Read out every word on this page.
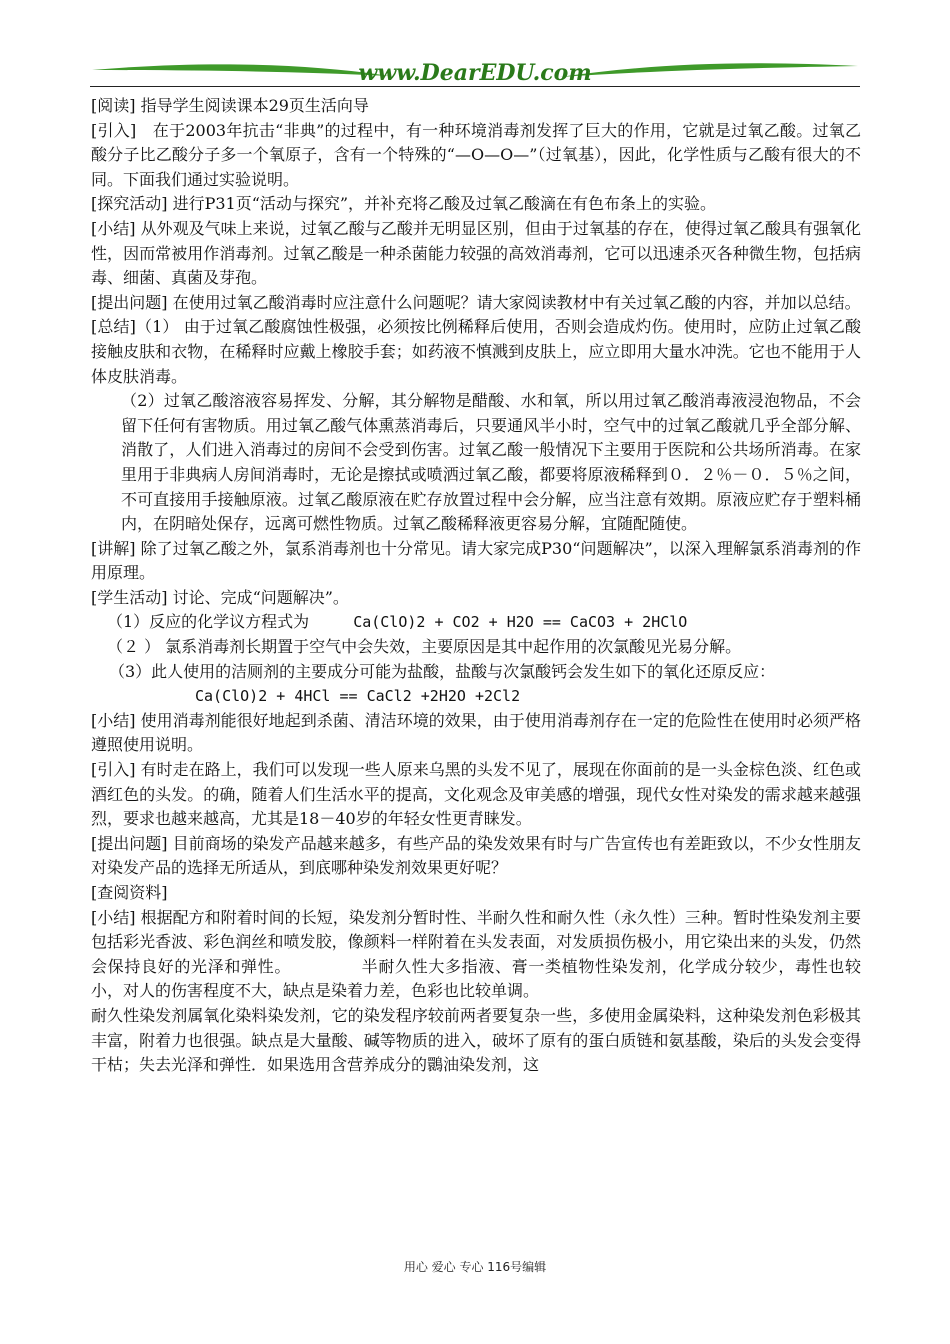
www.DearEDU.com

[阅读] 指导学生阅读课本29页生活向导

[引入]　在于2003年抗击“非典”的过程中，有一种环境消毒剂发挥了巨大的作用，它就是过氧乙酸。过氧乙酸分子比乙酸分子多一个氧原子，含有一个特殊的“—O—O—”（过氧基），因此，化学性质与乙酸有很大的不同。下面我们通过实验说明。

[探究活动] 进行P31页“活动与探究”，并补充将乙酸及过氧乙酸滴在有色布条上的实验。

[小结] 从外观及气味上来说，过氧乙酸与乙酸并无明显区别，但由于过氧基的存在，使得过氧乙酸具有强氧化性，因而常被用作消毒剂。过氧乙酸是一种杀菌能力较强的高效消毒剂，它可以迅速杀灭各种微生物，包括病毒、细菌、真菌及芽孢。

[提出问题] 在使用过氧乙酸消毒时应注意什么问题呢？请大家阅读教材中有关过氧乙酸的内容，并加以总结。

[总结]（1） 由于过氧乙酸腐蚀性极强，必须按比例稀释后使用，否则会造成灼伤。使用时，应防止过氧乙酸接触皮肤和衣物，在稀释时应戴上橡胶手套；如药液不慎溅到皮肤上，应立即用大量水冲洗。它也不能用于人体皮肤消毒。

（2）过氧乙酸溶液容易挥发、分解，其分解物是醋酸、水和氧，所以用过氧乙酸消毒液浸泡物品，不会留下任何有害物质。用过氧乙酸气体熏蒸消毒后，只要通风半小时，空气中的过氧乙酸就几乎全部分解、消散了，人们进入消毒过的房间不会受到伤害。过氧乙酸一般情况下主要用于医院和公共场所消毒。在家里用于非典病人房间消毒时，无论是擦拭或喷洒过氧乙酸，都要将原液稀释到０．２％－０．５％之间，不可直接用手接触原液。过氧乙酸原液在贮存放置过程中会分解，应当注意有效期。原液应贮存于塑料桶内，在阴暗处保存，远离可燃性物质。过氧乙酸稀释液更容易分解，宜随配随使。

[讲解] 除了过氧乙酸之外，氯系消毒剂也十分常见。请大家完成P30“问题解决”，以深入理解氯系消毒剂的作用原理。

[学生活动] 讨论、完成“问题解决”。

（1）反应的化学议方程式为	Ca(ClO)2 + CO2 + H2O == CaCO3 + 2HClO

（２ ） 氯系消毒剂长期置于空气中会失效，主要原因是其中起作用的次氯酸见光易分解。

（3）此人使用的洁厕剂的主要成分可能为盐酸，盐酸与次氯酸钙会发生如下的氧化还原反应：

Ca(ClO)2 + 4HCl == CaCl2 +2H2O +2Cl2

[小结] 使用消毒剂能很好地起到杀菌、清洁环境的效果，由于使用消毒剂存在一定的危险性在使用时必须严格遵照使用说明。

[引入] 有时走在路上，我们可以发现一些人原来乌黑的头发不见了，展现在你面前的是一头金棕色淡、红色或酒红色的头发。的确，随着人们生活水平的提高，文化观念及审美感的增强，现代女性对染发的需求越来越强烈，要求也越来越高，尤其是18－40岁的年轻女性更青睐发。

[提出问题] 目前商场的染发产品越来越多，有些产品的染发效果有时与广告宣传也有差距致以，不少女性朋友对染发产品的选择无所适从，到底哪种染发剂效果更好呢？

[查阅资料]

[小结] 根据配方和附着时间的长短，染发剂分暂时性、半耐久性和耐久性（永久性）三种。暂时性染发剂主要包括彩光香波、彩色润丝和喷发胶，像颜料一样附着在头发表面，对发质损伤极小，用它染出来的头发，仍然会保持良好的光泽和弹性。	半耐久性大多指液、膏一类植物性染发剂，化学成分较少，毒性也较小，对人的伤害程度不大，缺点是染着力差，色彩也比较单调。

耐久性染发剂属氧化染料染发剂，它的染发程序较前两者要复杂一些，多使用金属染料，这种染发剂色彩极其丰富，附着力也很强。缺点是大量酸、碱等物质的进入，破坏了原有的蛋白质链和氨基酸，染后的头发会变得干枯；失去光泽和弹性．如果选用含营养成分的䴉油染发剂，这

用心 爱心 专心 116号编辑
